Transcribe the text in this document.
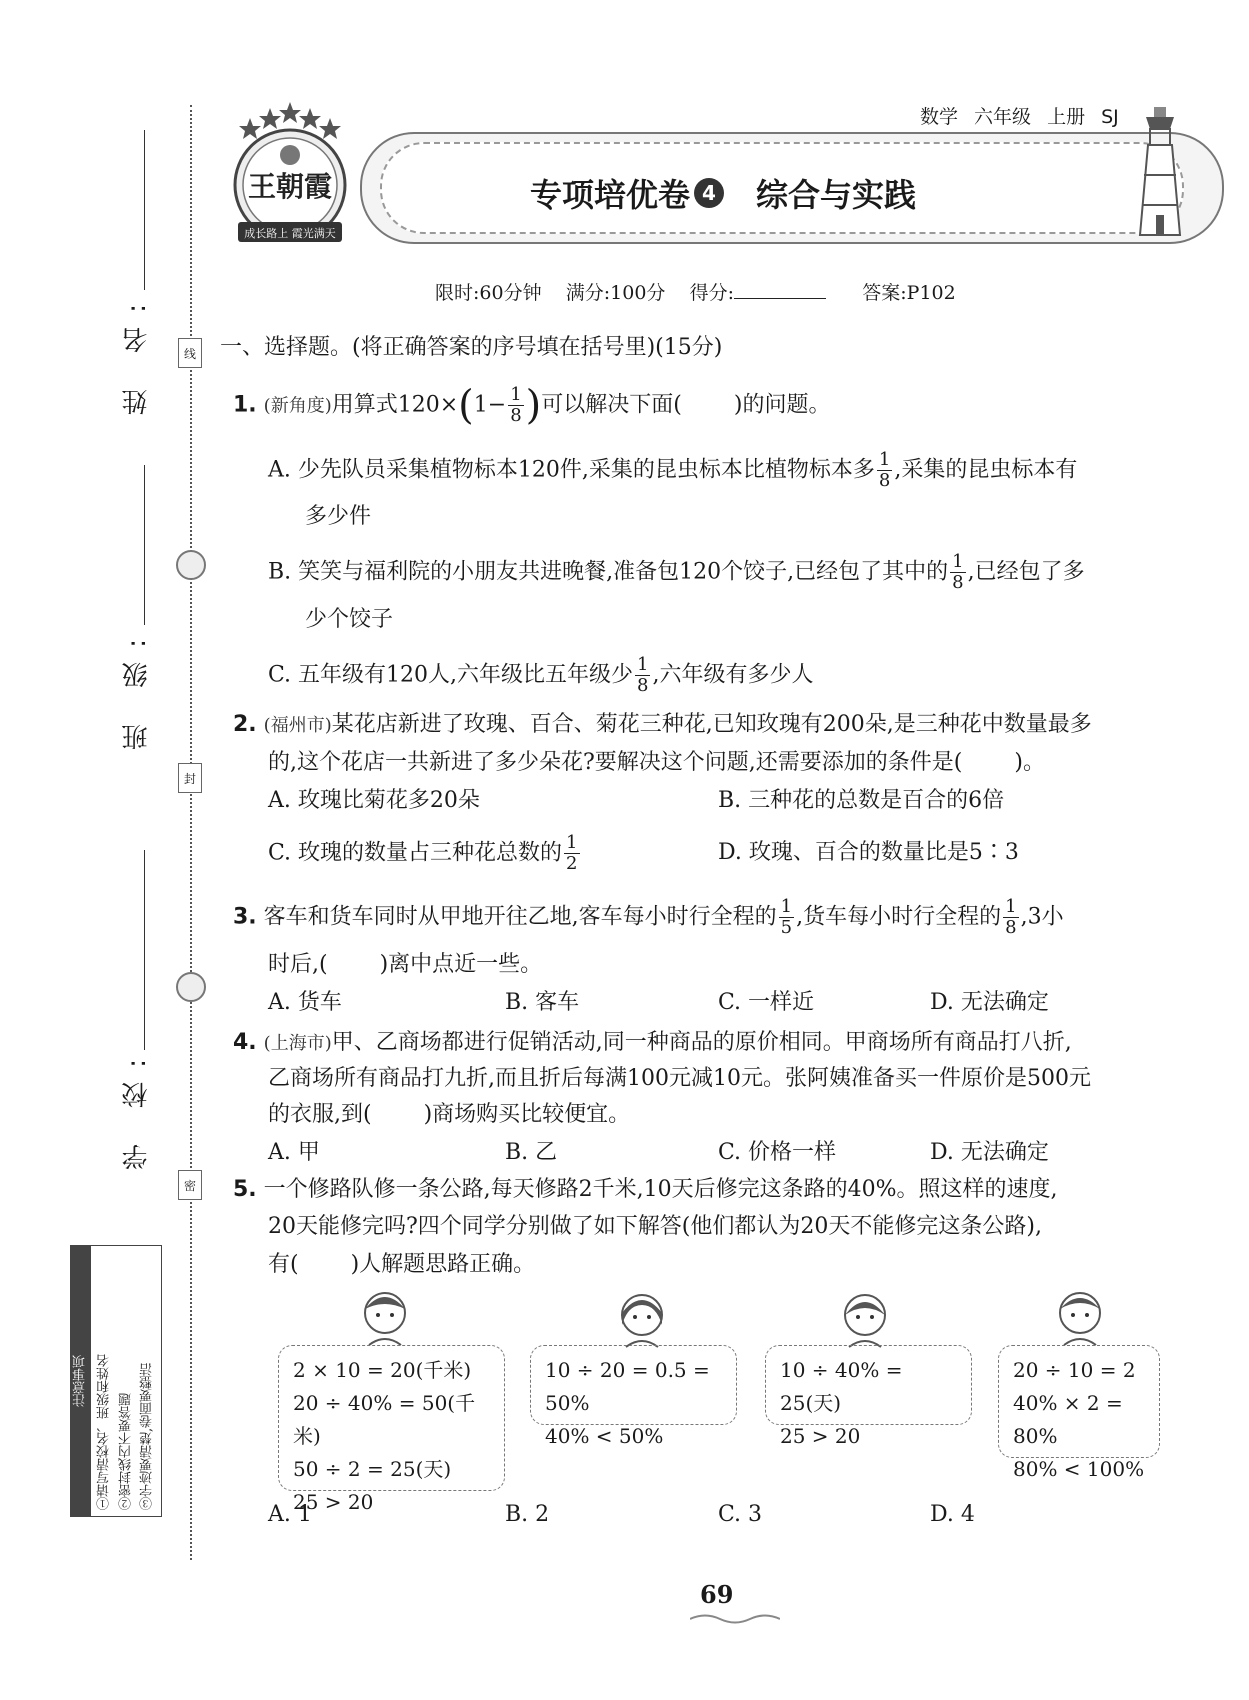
线
封
密
姓 名:
班 级:
学 校:
注意事项	③字迹要清楚,卷面要整洁
②密封线内不要答题
①请写清校名、班级和姓名
数学 六年级 上册 SJ
专项培优卷 4 综合与实践
王朝霞
成长路上 霞光满天
限时:60分钟 满分:100分 得分:	答案:P102
一、选择题。(将正确答案的序号填在括号里)(15分)
1. (新角度)用算式$120\times(1- \frac{1}{8}$ )可以解决下面( )的问题。
A. 少先队员采集植物标本120件,采集的昆虫标本比植物标本多 $\frac{1}{8}$ ,采集的昆虫标本有
多少件
B. 笑笑与福利院的小朋友共进晚餐,准备包120个饺子,已经包了其中的 $\frac{1}{8}$ ,已经包了多
少个饺子
C. 五年级有120人,六年级比五年级少 $\frac{1}{8}$ ,六年级有多少人
2. (福州市)某花店新进了玫瑰、百合、菊花三种花,已知玫瑰有200朵,是三种花中数量最多
的,这个花店一共新进了多少朵花?要解决这个问题,还需要添加的条件是( )。
A. 玫瑰比菊花多20朵	B. 三种花的总数是百合的6倍
C. 玫瑰的数量占三种花总数的 $\frac{1}{2}$	D. 玫瑰、百合的数量比是5∶3
3. 客车和货车同时从甲地开往乙地,客车每小时行全程的 $\frac{1}{5}$ ,货车每小时行全程的 $\frac{1}{8} ,3$小
时后,( )离中点近一些。
A. 货车	B. 客车	C. 一样近	D. 无法确定
4. (上海市)甲、乙商场都进行促销活动,同一种商品的原价相同。甲商场所有商品打八折,
乙商场所有商品打九折,而且折后每满100元减10元。张阿姨准备买一件原价是500元
的衣服,到( )商场购买比较便宜。
A. 甲	B. 乙	C. 价格一样	D. 无法确定
5. 一个修路队修一条公路,每天修路2千米,10天后修完这条路的40%。照这样的速度,
20天能修完吗?四个同学分别做了如下解答(他们都认为20天不能修完这条公路),
有( )人解题思路正确。
2 × 10 = 20(千米)
20 ÷ 40% = 50(千米)
50 ÷ 2 = 25(天)
25 > 20
10 ÷ 20 = 0.5 = 50%
40% < 50%
10 ÷ 40% = 25(天)
25 > 20
20 ÷ 10 = 2
40% × 2 = 80%
80% < 100%
A. 1	B. 2	C. 3	D. 4
69
